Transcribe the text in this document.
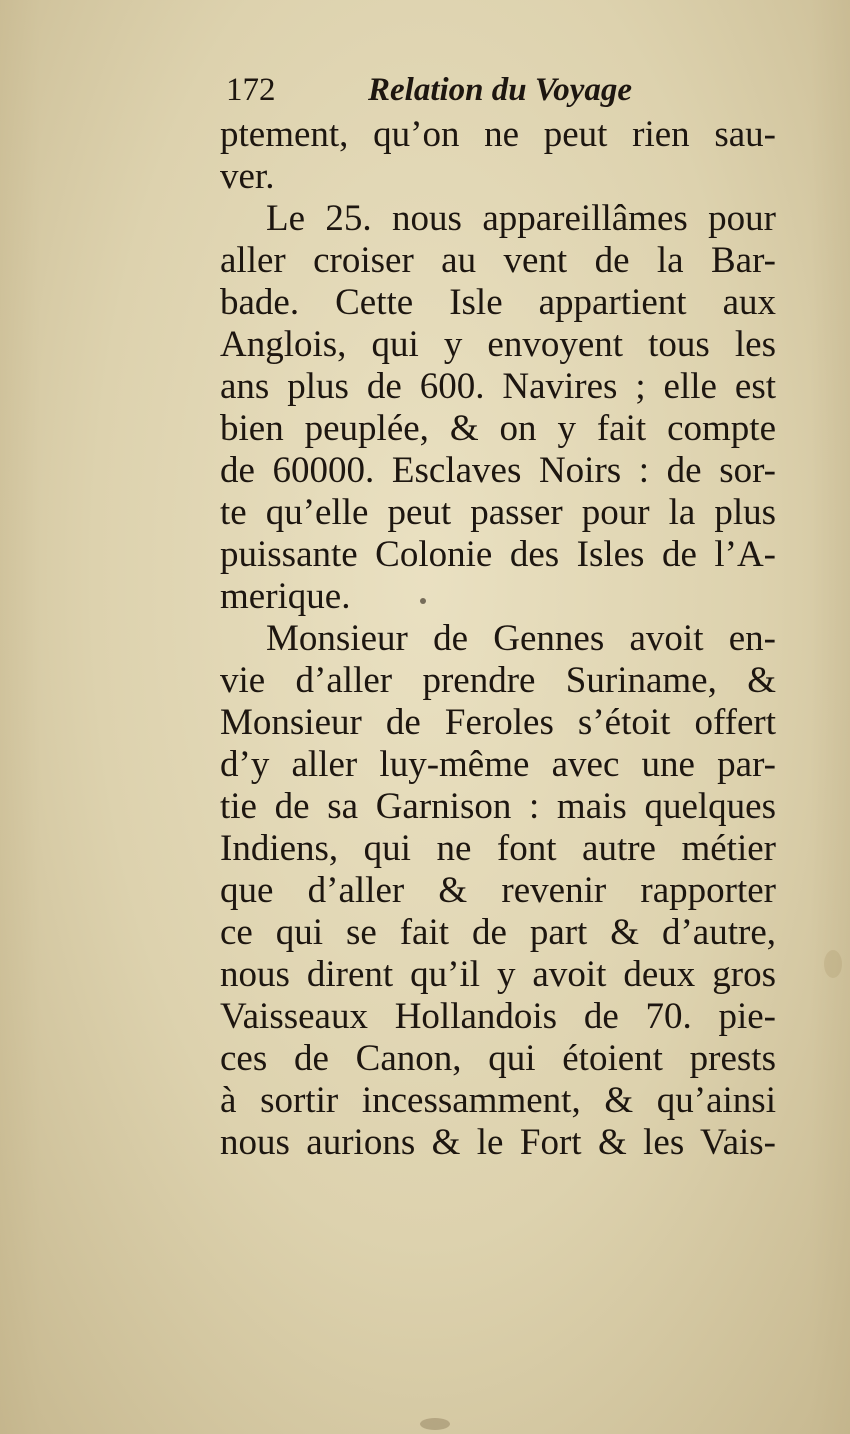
172	Relation du Voyage
ptement, qu’on ne peut rien sau-
ver.
Le 25. nous appareillâmes pour
aller croiser au vent de la Bar-
bade. Cette Isle appartient aux
Anglois, qui y envoyent tous les
ans plus de 600. Navires ; elle est
bien peuplée, & on y fait compte
de 60000. Esclaves Noirs : de sor-
te qu’elle peut passer pour la plus
puissante Colonie des Isles de l’A-
merique.
Monsieur de Gennes avoit en-
vie d’aller prendre Suriname, &
Monsieur de Feroles s’étoit offert
d’y aller luy-même avec une par-
tie de sa Garnison : mais quelques
Indiens, qui ne font autre métier
que d’aller & revenir rapporter
ce qui se fait de part & d’autre,
nous dirent qu’il y avoit deux gros
Vaisseaux Hollandois de 70. pie-
ces de Canon, qui étoient prests
à sortir incessamment, & qu’ainsi
nous aurions & le Fort & les Vais-
